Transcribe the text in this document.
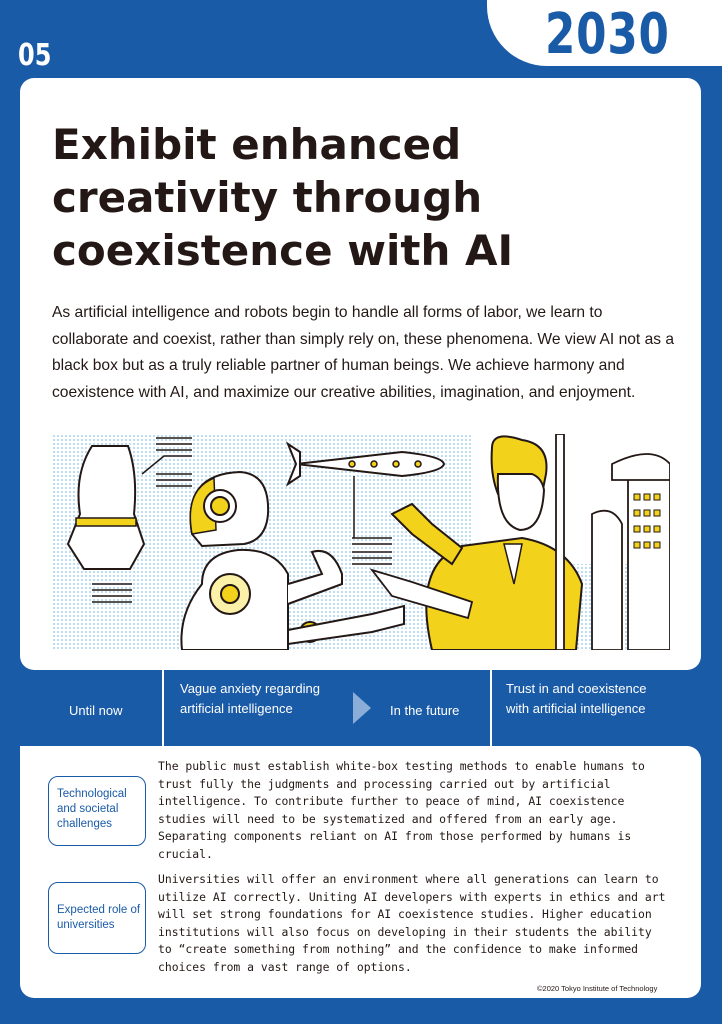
05	2030
Exhibit enhanced creativity through coexistence with AI

As artificial intelligence and robots begin to handle all forms of labor, we learn to collaborate and coexist, rather than simply rely on, these phenomena. We view AI not as a black box but as a truly reliable partner of human beings. We achieve harmony and coexistence with AI, and maximize our creative abilities, imagination, and enjoyment.

Until now
Vague anxiety regarding artificial intelligence	In the future
Trust in and coexistence with artificial intelligence
Technological and societal challenges

The public must establish white-box testing methods to enable humans to trust fully the judgments and processing carried out by artificial intelligence. To contribute further to peace of mind, AI coexistence studies will need to be systematized and offered from an early age. Separating components reliant on AI from those performed by humans is crucial.

Expected role of universities

Universities will offer an environment where all generations can learn to utilize AI correctly. Uniting AI developers with experts in ethics and art will set strong foundations for AI coexistence studies. Higher education institutions will also focus on developing in their students the ability to “create something from nothing” and the confidence to make informed choices from a vast range of options.

©2020 Tokyo Institute of Technology
